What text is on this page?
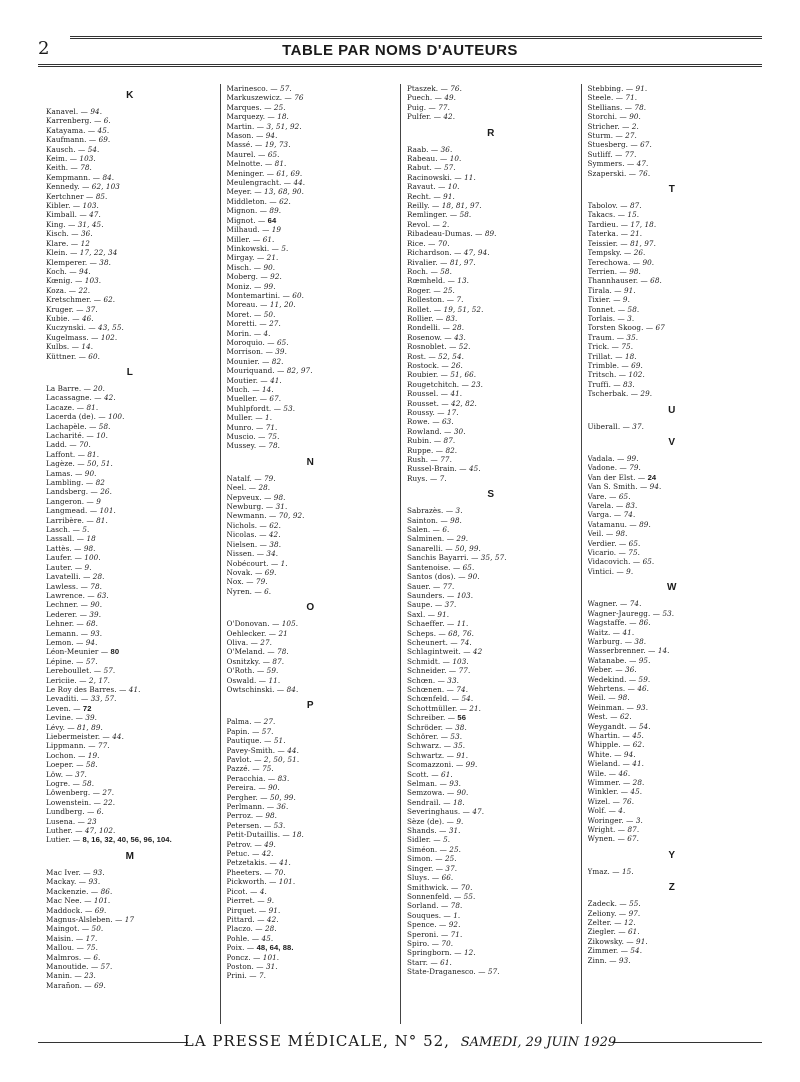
2	TABLE PAR NOMS D'AUTEURS
K
Kanavel. — 94.
Karrenberg. — 6.
Katayama. — 45.
Kaufmann. — 69.
Kausch. — 54.
Keim. — 103.
Keith. — 78.
Kempmann. — 84.
Kennedy. — 62, 103
Kertchner — 85.
Kibler. — 103.
Kimball. — 47.
King. — 31, 45.
Kisch. — 36.
Klare. — 12
Klein. — 17, 22, 34
Klemperer. — 38.
Koch. — 94.
Kœnig. — 103.
Koza. — 22.
Kretschmer. — 62.
Kruger. — 37.
Kubie. — 46.
Kuczynski. — 43, 55.
Kugelmass. — 102.
Kulbs. — 14.
Küttner. — 60.
L
La Barre. — 20.
Lacassagne. — 42.
Lacaze. — 81.
Lacerda (de). — 100.
Lachapèle. — 58.
Lacharité. — 10.
Ladd. — 70.
Laffont. — 81.
Lagèze. — 50, 51.
Lamas. — 90.
Lambling. — 82
Landsberg. — 26.
Langeron. — 9
Langmead. — 101.
Larribère. — 81.
Lasch. — 5.
Lassall. — 18
Lattès. — 98.
Laufer. — 100.
Lauter. — 9.
Lavatelli. — 28.
Lawless. — 78.
Lawrence. — 63.
Lechner. — 90.
Lederer. — 39.
Lehner. — 68.
Lemann. — 93.
Lemon. — 94.
Léon-Meunier — 80
Lépine. — 57.
Lereboullet. — 57.
Lericiie. — 2, 17.
Le Roy des Barres. — 41.
Levaditi. — 33, 57.
Leven. — 72
Levine. — 39.
Lévy. — 81, 89.
Liebermeister. — 44.
Lippmann. — 77.
Lochon. — 19.
Loeper. — 58.
Löw. — 37.
Logre. — 58.
Löwenberg. — 27.
Lowenstein. — 22.
Lundberg. — 6.
Lusena. — 23
Luther. — 47, 102.
Lutier. — 8, 16, 32, 40, 56, 96, 104.
M
Mac Iver. — 93.
Mackay. — 93.
Mackenzie. — 86.
Mac Nee. — 101.
Maddock. — 69.
Magnus-Alsleben. — 17
Maingot. — 50.
Maisin. — 17.
Mallou. — 75.
Malmros. — 6.
Manoutide. — 57.
Manin. — 23.
Marañon. — 69.
Marinesco. — 57.
Markuszewicz. — 76
Marques. — 25.
Marquezy. — 18.
Martin. — 3, 51, 92.
Mason. — 94.
Massé. — 19, 73.
Maurel. — 65.
Melnotte. — 81.
Meninger. — 61, 69.
Meulengracht. — 44.
Meyer. — 13, 68, 90.
Middleton. — 62.
Mignon. — 89.
Mignot. — 64
Milhaud. — 19
Miller. — 61.
Minkowski. — 5.
Mirgay. — 21.
Misch. — 90.
Moberg. — 92.
Moniz. — 99.
Montemartini. — 60.
Moreau. — 11, 20.
Moret. — 50.
Moretti. — 27.
Morin. — 4.
Moroquio. — 65.
Morrison. — 39.
Mounier. — 82.
Mouriquand. — 82, 97.
Moutier. — 41.
Much. — 14.
Mueller. — 67.
Muhlpfordt. — 53.
Muller. — 1.
Munro. — 71.
Muscio. — 75.
Mussey. — 78.
N
Natalf. — 79.
Neel. — 28.
Nepveux. — 98.
Newburg. — 31.
Newmann. — 70, 92.
Nichols. — 62.
Nicolas. — 42.
Nielsen. — 38.
Nissen. — 34.
Nobécourt. — 1.
Novak. — 69.
Nox. — 79.
Nyren. — 6.
O
O'Donovan. — 105.
Oehlecker. — 21
Oliva. — 27.
O'Meland. — 78.
Osnitzky. — 87.
O'Roth. — 59.
Oswald. — 11.
Owtschinski. — 84.
P
Palma. — 27.
Papin. — 57.
Pautique. — 51.
Pavey-Smith. — 44.
Pavlot. — 2, 50, 51.
Pazzé. — 75.
Peracchia. — 83.
Pereira. — 90.
Pergher. — 50, 99.
Perlmann. — 36.
Perroz. — 98.
Petersen. — 53.
Petit-Dutaillis. — 18.
Petrov. — 49.
Petuc. — 42.
Petzetakis. — 41.
Pheeters. — 70.
Pickworth. — 101.
Picot. — 4.
Pierret. — 9.
Pirquet. — 91.
Pittard. — 42.
Placzo. — 28.
Pohle. — 45.
Poix. — 48, 64, 88.
Poncz. — 101.
Poston. — 31.
Prini. — 7.
Ptaszek. — 76.
Puech. — 49.
Puig. — 77.
Pulfer. — 42.
R
Raab. — 36.
Rabeau. — 10.
Rabut. — 57.
Racinowski. — 11.
Ravaut. — 10.
Recht. — 91.
Reilly. — 18, 81, 97.
Remlinger. — 58.
Revol. — 2.
Ribadeau-Dumas. — 89.
Rice. — 70.
Richardson. — 47, 94.
Rivalier. — 81, 97.
Roch. — 58.
Rœmheld. — 13.
Roger. — 25.
Rolleston. — 7.
Rollet. — 19, 51, 52.
Rollier. — 83.
Rondelli. — 28.
Rosenow. — 43.
Rosnoblet. — 52.
Rost. — 52, 54.
Rostock. — 26.
Roubier. — 51, 66.
Rougetchitch. — 23.
Roussel. — 41.
Rousset. — 42, 82.
Roussy. — 17.
Rowe. — 63.
Rowland. — 30.
Rubin. — 87.
Ruppe. — 82.
Rush. — 77.
Russel-Brain. — 45.
Ruys. — 7.
S
Sabrazès. — 3.
Sainton. — 98.
Salen. — 6.
Salminen. — 29.
Sanarelli. — 50, 99.
Sanchis Bayarri. — 35, 57.
Santenoise. — 65.
Santos (dos). — 90.
Sauer. — 77.
Saunders. — 103.
Saupe. — 37.
Saxl. — 91.
Schaeffer. — 11.
Scheps. — 68, 76.
Scheunert. — 74.
Schlagintweit. — 42
Schmidt. — 103.
Schneider. — 77.
Schœn. — 33.
Schœnen. — 74.
Schœnfeld. — 54.
Schottmüller. — 21.
Schreiber. — 56
Schröder. — 38.
Schörer. — 53.
Schwarz. — 35.
Schwartz. — 91.
Scomazzoni. — 99.
Scott. — 61.
Selman. — 93.
Semzowa. — 90.
Sendrail. — 18.
Severinghaus. — 47.
Sèze (de). — 9.
Shands. — 31.
Sidler. — 5.
Siméon. — 25.
Simon. — 25.
Singer. — 37.
Sluys. — 66.
Smithwick. — 70.
Sonnenfeld. — 55.
Sorland. — 78.
Souques. — 1.
Spence. — 92.
Speroni. — 71.
Spiro. — 70.
Springborn. — 12.
Starr. — 61.
State-Draganesco. — 57.
Stebbing. — 91.
Steele. — 71.
Stellians. — 78.
Storchi. — 90.
Stricher. — 2.
Sturm. — 27.
Stuesberg. — 67.
Sutliff. — 77.
Symmers. — 47.
Szaperski. — 76.
T
Tabolov. — 87.
Takacs. — 15.
Tardieu. — 17, 18.
Taterka. — 21.
Teissier. — 81, 97.
Tempsky. — 26.
Terechowa. — 90.
Terrien. — 98.
Thannhauser. — 68.
Tirala. — 91.
Tixier. — 9.
Tonnet. — 58.
Torlais. — 3.
Torsten Skoog. — 67
Traum. — 35.
Trick. — 75.
Trillat. — 18.
Trimble. — 69.
Tritsch. — 102.
Truffi. — 83.
Tscherbak. — 29.
U
Uiberall. — 37.
V
Vadala. — 99.
Vadone. — 79.
Van der Elst. — 24
Van S. Smith. — 94.
Vare. — 65.
Varela. — 83.
Varga. — 74.
Vatamanu. — 89.
Veil. — 98.
Verdier. — 65.
Vicario. — 75.
Vidacovich. — 65.
Vintici. — 9.
W
Wagner. — 74.
Wagner-Jauregg. — 53.
Wagstaffe. — 86.
Waitz. — 41.
Warburg. — 38.
Wasserbrenner. — 14.
Watanabe. — 95.
Weber. — 36.
Wedekind. — 59.
Wehrtens. — 46.
Weil. — 98.
Weinman. — 93.
West. — 62.
Weygandt. — 54.
Whartin. — 45.
Whipple. — 62.
White. — 94.
Wieland. — 41.
Wile. — 46.
Wimmer. — 28.
Winkler. — 45.
Wizel. — 76.
Wolf. — 4.
Woringer. — 3.
Wright. — 87.
Wynen. — 67.
Y
Ymaz. — 15.
Z
Zadeck. — 55.
Zeliony. — 97.
Zelter. — 12.
Ziegler. — 61.
Zikowsky. — 91.
Zimmer. — 54.
Zinn. — 93.
LA PRESSE MÉDICALE, N° 52, SAMEDI, 29 JUIN 1929
